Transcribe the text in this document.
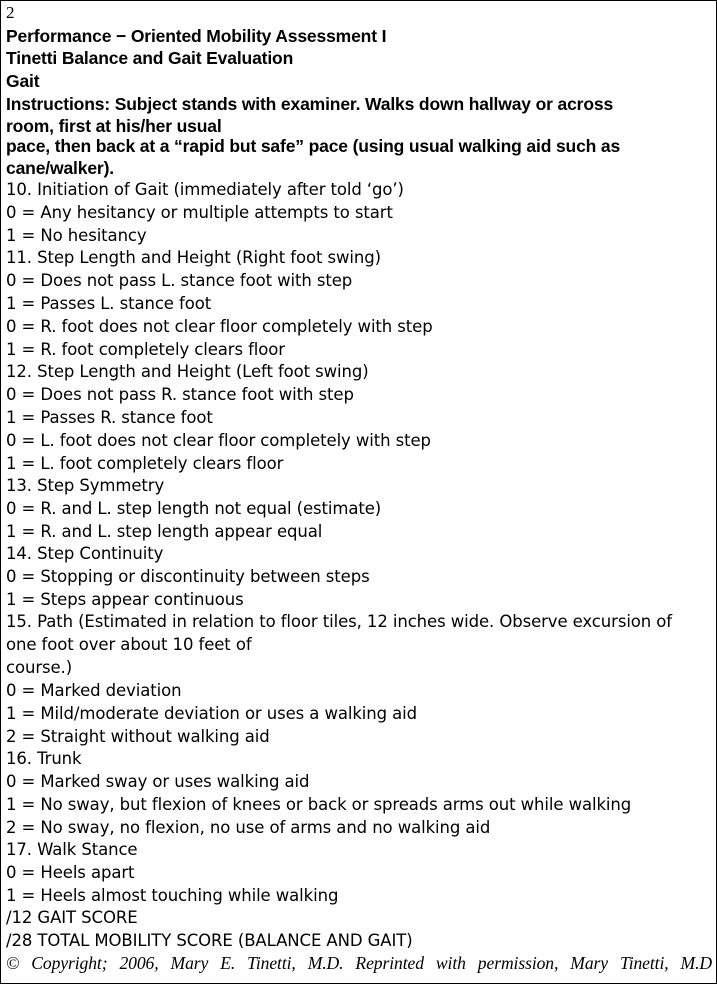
2
Performance − Oriented Mobility Assessment I
Tinetti Balance and Gait Evaluation
Gait
Instructions: Subject stands with examiner. Walks down hallway or across
room, first at his/her usual
pace, then back at a “rapid but safe” pace (using usual walking aid such as
cane/walker).
10. Initiation of Gait (immediately after told ‘go’)
0 = Any hesitancy or multiple attempts to start
1 = No hesitancy
11. Step Length and Height (Right foot swing)
0 = Does not pass L. stance foot with step
1 = Passes L. stance foot
0 = R. foot does not clear floor completely with step
1 = R. foot completely clears floor
12. Step Length and Height (Left foot swing)
0 = Does not pass R. stance foot with step
1 = Passes R. stance foot
0 = L. foot does not clear floor completely with step
1 = L. foot completely clears floor
13. Step Symmetry
0 = R. and L. step length not equal (estimate)
1 = R. and L. step length appear equal
14. Step Continuity
0 = Stopping or discontinuity between steps
1 = Steps appear continuous
15. Path (Estimated in relation to floor tiles, 12 inches wide. Observe excursion of
one foot over about 10 feet of
course.)
0 = Marked deviation
1 = Mild/moderate deviation or uses a walking aid
2 = Straight without walking aid
16. Trunk
0 = Marked sway or uses walking aid
1 = No sway, but flexion of knees or back or spreads arms out while walking
2 = No sway, no flexion, no use of arms and no walking aid
17. Walk Stance
0 = Heels apart
1 = Heels almost touching while walking
/12 GAIT SCORE
/28 TOTAL MOBILITY SCORE (BALANCE AND GAIT)
© Copyright; 2006, Mary E. Tinetti, M.D. Reprinted with permission, Mary Tinetti, M.D
